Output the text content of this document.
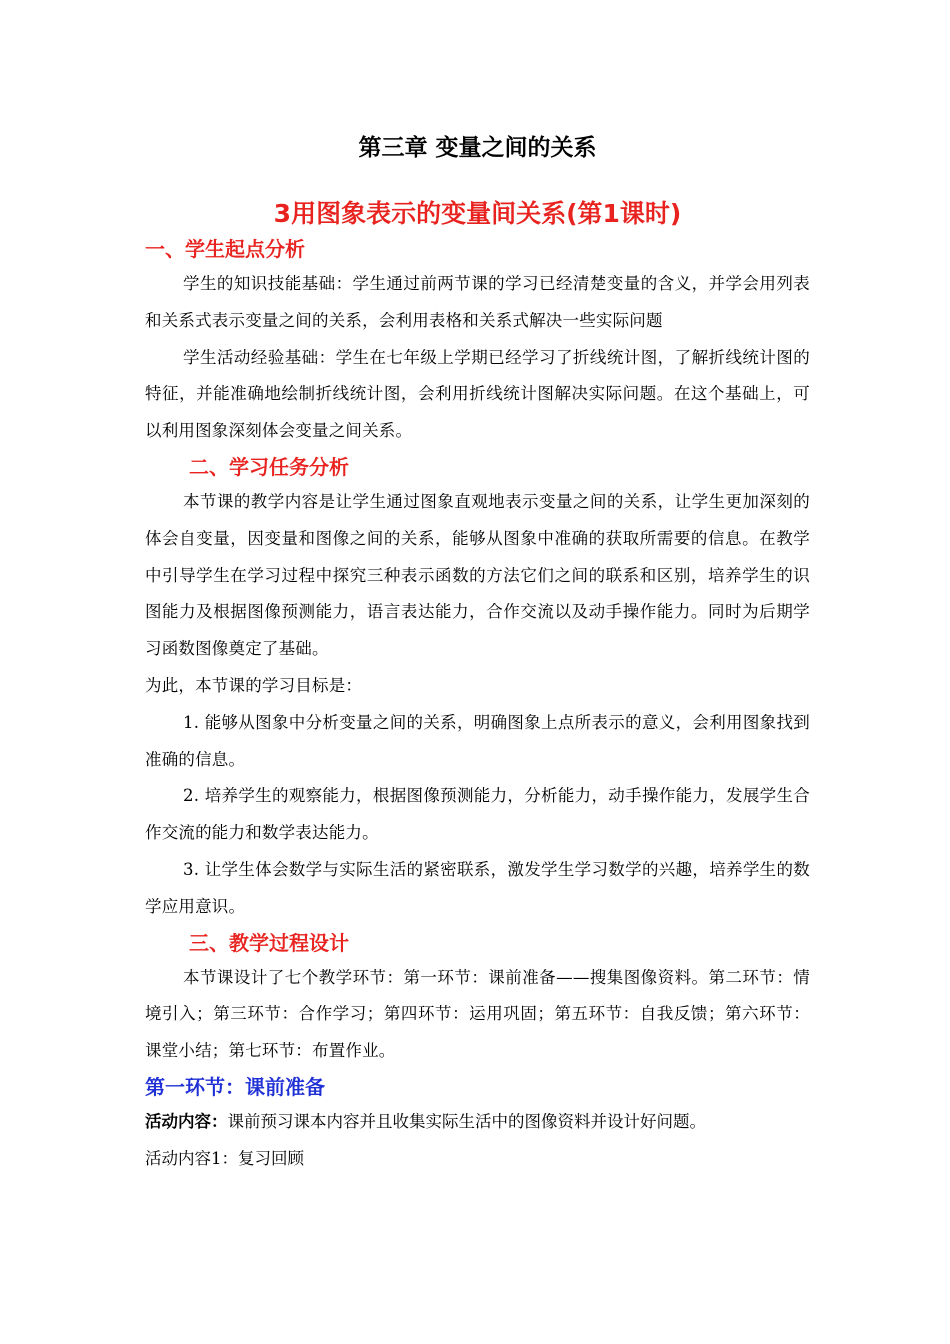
第三章 变量之间的关系
3用图象表示的变量间关系(第1课时)
一、学生起点分析

学生的知识技能基础：学生通过前两节课的学习已经清楚变量的含义，并学会用列表和关系式表示变量之间的关系，会利用表格和关系式解决一些实际问题

学生活动经验基础：学生在七年级上学期已经学习了折线统计图，了解折线统计图的特征，并能准确地绘制折线统计图，会利用折线统计图解决实际问题。在这个基础上，可以利用图象深刻体会变量之间关系。

二、学习任务分析

本节课的教学内容是让学生通过图象直观地表示变量之间的关系，让学生更加深刻的体会自变量，因变量和图像之间的关系，能够从图象中准确的获取所需要的信息。在教学中引导学生在学习过程中探究三种表示函数的方法它们之间的联系和区别，培养学生的识图能力及根据图像预测能力，语言表达能力，合作交流以及动手操作能力。同时为后期学习函数图像奠定了基础。

为此，本节课的学习目标是：

1. 能够从图象中分析变量之间的关系，明确图象上点所表示的意义，会利用图象找到准确的信息。

2. 培养学生的观察能力，根据图像预测能力，分析能力，动手操作能力，发展学生合作交流的能力和数学表达能力。

3. 让学生体会数学与实际生活的紧密联系，激发学生学习数学的兴趣，培养学生的数学应用意识。

三、教学过程设计

本节课设计了七个教学环节：第一环节：课前准备——搜集图像资料。第二环节：情境引入；第三环节：合作学习；第四环节：运用巩固；第五环节：自我反馈；第六环节：课堂小结；第七环节：布置作业。

第一环节：课前准备

活动内容：课前预习课本内容并且收集实际生活中的图像资料并设计好问题。

活动内容1：复习回顾
